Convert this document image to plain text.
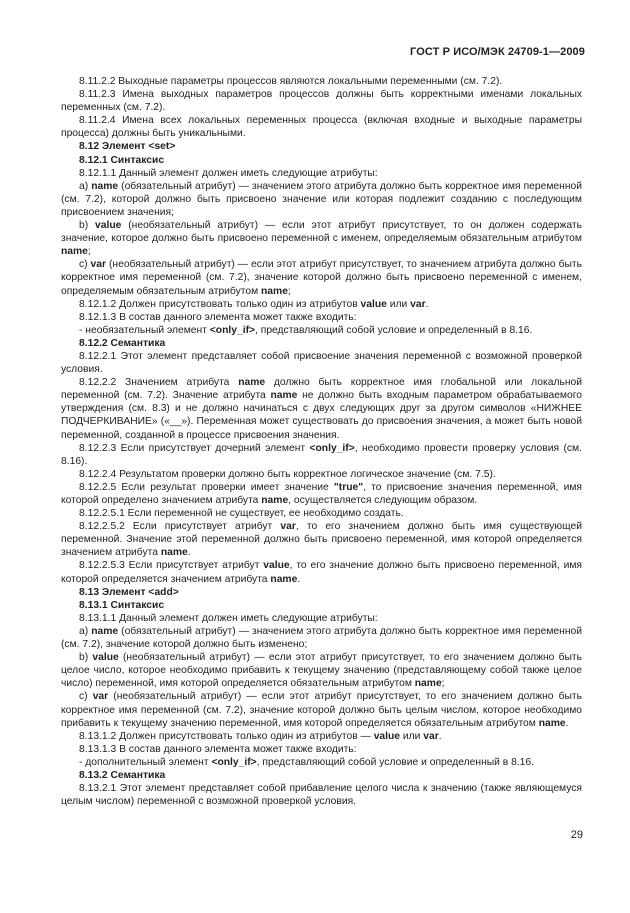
ГОСТ Р ИСО/МЭК 24709-1—2009

8.11.2.2 Выходные параметры процессов являются локальными переменными (см. 7.2).

8.11.2.3 Имена выходных параметров процессов должны быть корректными именами локальных переменных (см. 7.2).

8.11.2.4 Имена всех локальных переменных процесса (включая входные и выходные параметры процесса) должны быть уникальными.

8.12 Элемент <set>

8.12.1 Синтаксис

8.12.1.1 Данный элемент должен иметь следующие атрибуты:

a) name (обязательный атрибут) — значением этого атрибута должно быть корректное имя переменной (см. 7.2), которой должно быть присвоено значение или которая подлежит созданию с последующим присвоением значения;

b) value (необязательный атрибут) — если этот атрибут присутствует, то он должен содержать значение, которое должно быть присвоено переменной с именем, определяемым обязательным атрибутом name;

c) var (необязательный атрибут) — если этот атрибут присутствует, то значением атрибута должно быть корректное имя переменной (см. 7.2), значение которой должно быть присвоено переменной с именем, определяемым обязательным атрибутом name;

8.12.1.2 Должен присутствовать только один из атрибутов value или var.

8.12.1.3 В состав данного элемента может также входить:

- необязательный элемент <only_if>, представляющий собой условие и определенный в 8.16.

8.12.2 Семантика

8.12.2.1 Этот элемент представляет собой присвоение значения переменной с возможной проверкой условия.

8.12.2.2 Значением атрибута name должно быть корректное имя глобальной или локальной переменной (см. 7.2). Значение атрибута name не должно быть входным параметром обрабатываемого утверждения (см. 8.3) и не должно начинаться с двух следующих друг за другом символов «НИЖНЕЕ ПОДЧЕРКИВАНИЕ» («__»). Переменная может существовать до присвоения значения, а может быть новой переменной, созданной в процессе присвоения значения.

8.12.2.3 Если присутствует дочерний элемент <only_if>, необходимо провести проверку условия (см. 8.16).

8.12.2.4 Результатом проверки должно быть корректное логическое значение (см. 7.5).

8.12.2.5 Если результат проверки имеет значение "true", то присвоение значения переменной, имя которой определено значением атрибута name, осуществляется следующим образом.

8.12.2.5.1 Если переменной не существует, ее необходимо создать.

8.12.2.5.2 Если присутствует атрибут var, то его значением должно быть имя существующей переменной. Значение этой переменной должно быть присвоено переменной, имя которой определяется значением атрибута name.

8.12.2.5.3 Если присутствует атрибут value, то его значение должно быть присвоено переменной, имя которой определяется значением атрибута name.

8.13 Элемент <add>

8.13.1 Синтаксис

8.13.1.1 Данный элемент должен иметь следующие атрибуты:

a) name (обязательный атрибут) — значением этого атрибута должно быть корректное имя переменной (см. 7.2), значение которой должно быть изменено;

b) value (необязательный атрибут) — если этот атрибут присутствует, то его значением должно быть целое число, которое необходимо прибавить к текущему значению (представляющему собой также целое число) переменной, имя которой определяется обязательным атрибутом name;

c) var (необязательный атрибут) — если этот атрибут присутствует, то его значением должно быть корректное имя переменной (см. 7.2), значение которой должно быть целым числом, которое необходимо прибавить к текущему значению переменной, имя которой определяется обязательным атрибутом name.

8.13.1.2 Должен присутствовать только один из атрибутов — value или var.

8.13.1.3 В состав данного элемента может также входить:

- дополнительный элемент <only_if>, представляющий собой условие и определенный в 8.16.

8.13.2 Семантика

8.13.2.1 Этот элемент представляет собой прибавление целого числа к значению (также являющемуся целым числом) переменной с возможной проверкой условия.

29
